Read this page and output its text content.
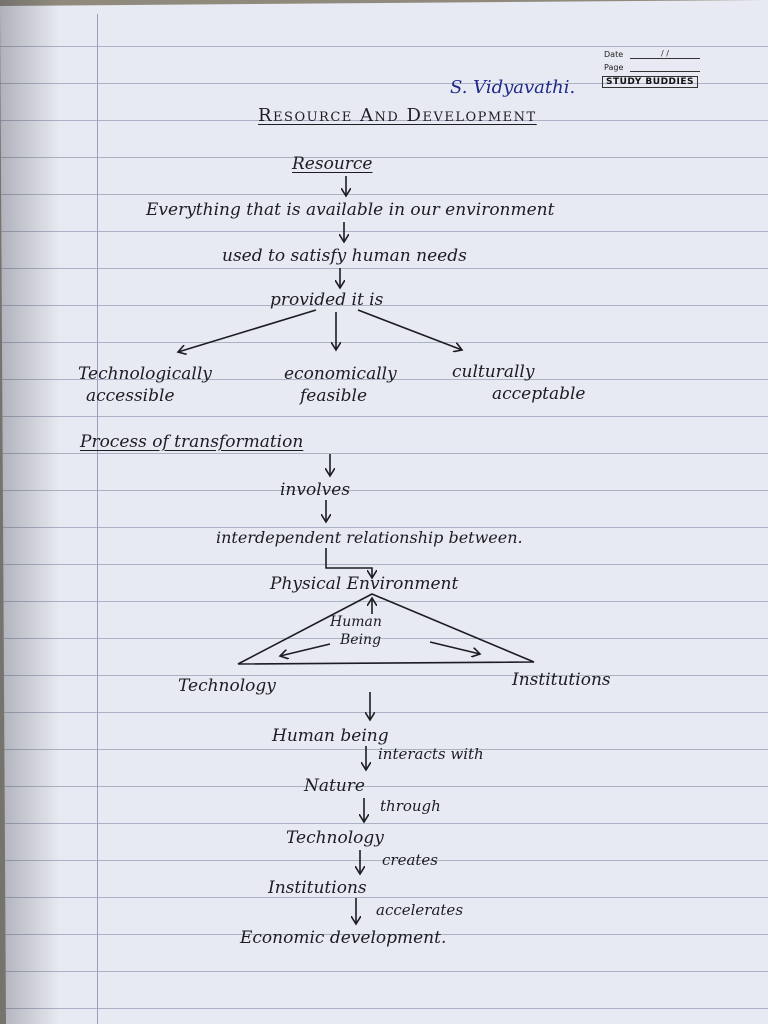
Date	/ /
Page
STUDY BUDDIES
S. Vidyavathi.
Resource And Development
Resource
Everything that is available in our environment
used to satisfy human needs
provided it is
Technologically
accessible
economically
feasible
culturally
acceptable
Process of transformation
involves
interdependent relationship between.
Physical Environment
Human
Being
Technology	Institutions
Human being
interacts with
Nature
through
Technology
creates
Institutions
accelerates
Economic development.
